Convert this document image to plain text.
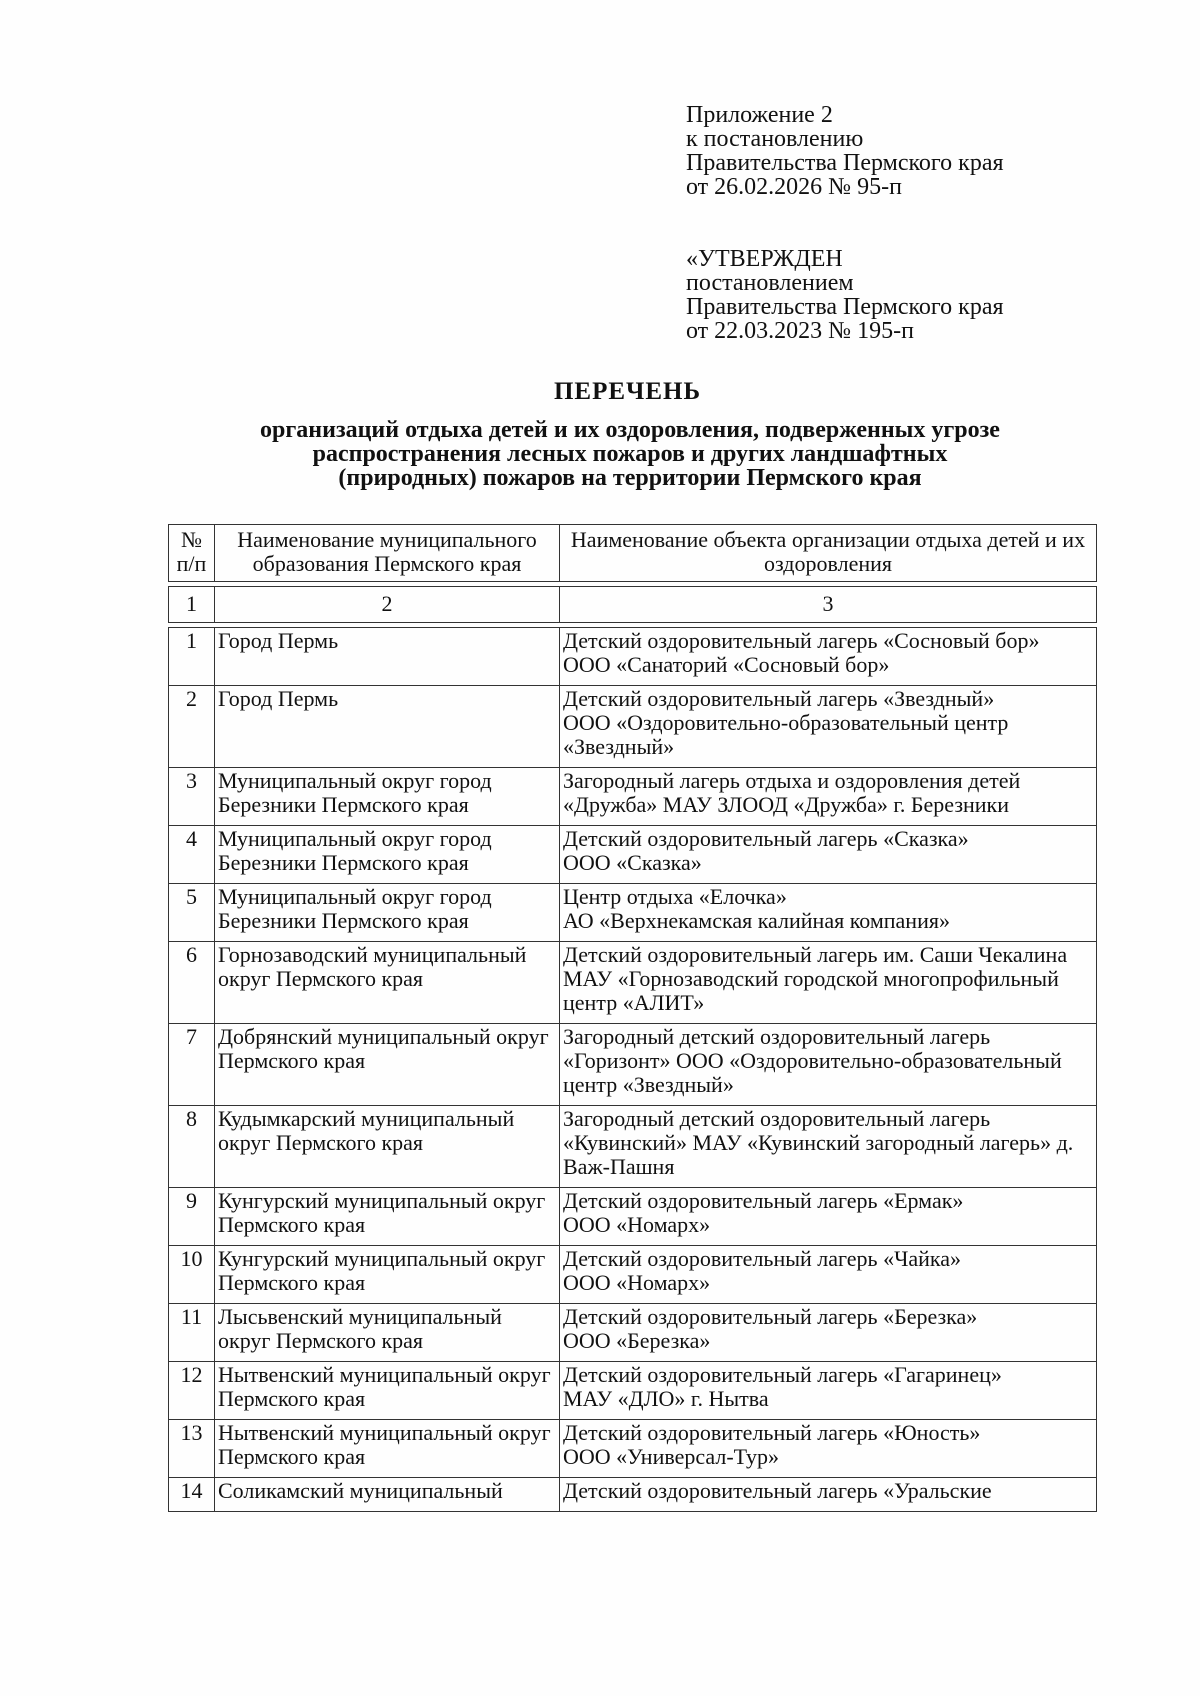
Приложение 2
к постановлению
Правительства Пермского края
от 26.02.2026 № 95-п
«УТВЕРЖДЕН
постановлением
Правительства Пермского края
от 22.03.2023 № 195-п
ПЕРЕЧЕНЬ
организаций отдыха детей и их оздоровления, подверженных угрозе
распространения лесных пожаров и других ландшафтных
(природных) пожаров на территории Пермского края
№ п/п	Наименование муниципального образования Пермского края	Наименование объекта организации отдыха детей и их оздоровления

1	2	3

1	Город Пермь	Детский оздоровительный лагерь «Сосновый бор»
ООО «Санаторий «Сосновый бор»

2	Город Пермь	Детский оздоровительный лагерь «Звездный»
ООО «Оздоровительно-образовательный центр «Звездный»

3	Муниципальный округ город Березники Пермского края	Загородный лагерь отдыха и оздоровления детей «Дружба» МАУ ЗЛООД «Дружба» г. Березники

4	Муниципальный округ город Березники Пермского края	Детский оздоровительный лагерь «Сказка»
ООО «Сказка»

5	Муниципальный округ город Березники Пермского края	Центр отдыха «Елочка»
АО «Верхнекамская калийная компания»

6	Горнозаводский муниципальный округ Пермского края	Детский оздоровительный лагерь им. Саши Чекалина МАУ «Горнозаводский городской многопрофильный центр «АЛИТ»

7	Добрянский муниципальный округ Пермского края	Загородный детский оздоровительный лагерь «Горизонт» ООО «Оздоровительно-образовательный центр «Звездный»

8	Кудымкарский муниципальный округ Пермского края	Загородный детский оздоровительный лагерь «Кувинский» МАУ «Кувинский загородный лагерь» д. Важ-Пашня

9	Кунгурский муниципальный округ Пермского края	Детский оздоровительный лагерь «Ермак»
ООО «Номарх»

10	Кунгурский муниципальный округ Пермского края	Детский оздоровительный лагерь «Чайка»
ООО «Номарх»

11	Лысьвенский муниципальный округ Пермского края	Детский оздоровительный лагерь «Березка»
ООО «Березка»

12	Нытвенский муниципальный округ Пермского края	Детский оздоровительный лагерь «Гагаринец»
МАУ «ДЛО» г. Нытва

13	Нытвенский муниципальный округ Пермского края	Детский оздоровительный лагерь «Юность»
ООО «Универсал-Тур»

14	Соликамский муниципальный	Детский оздоровительный лагерь «Уральские
